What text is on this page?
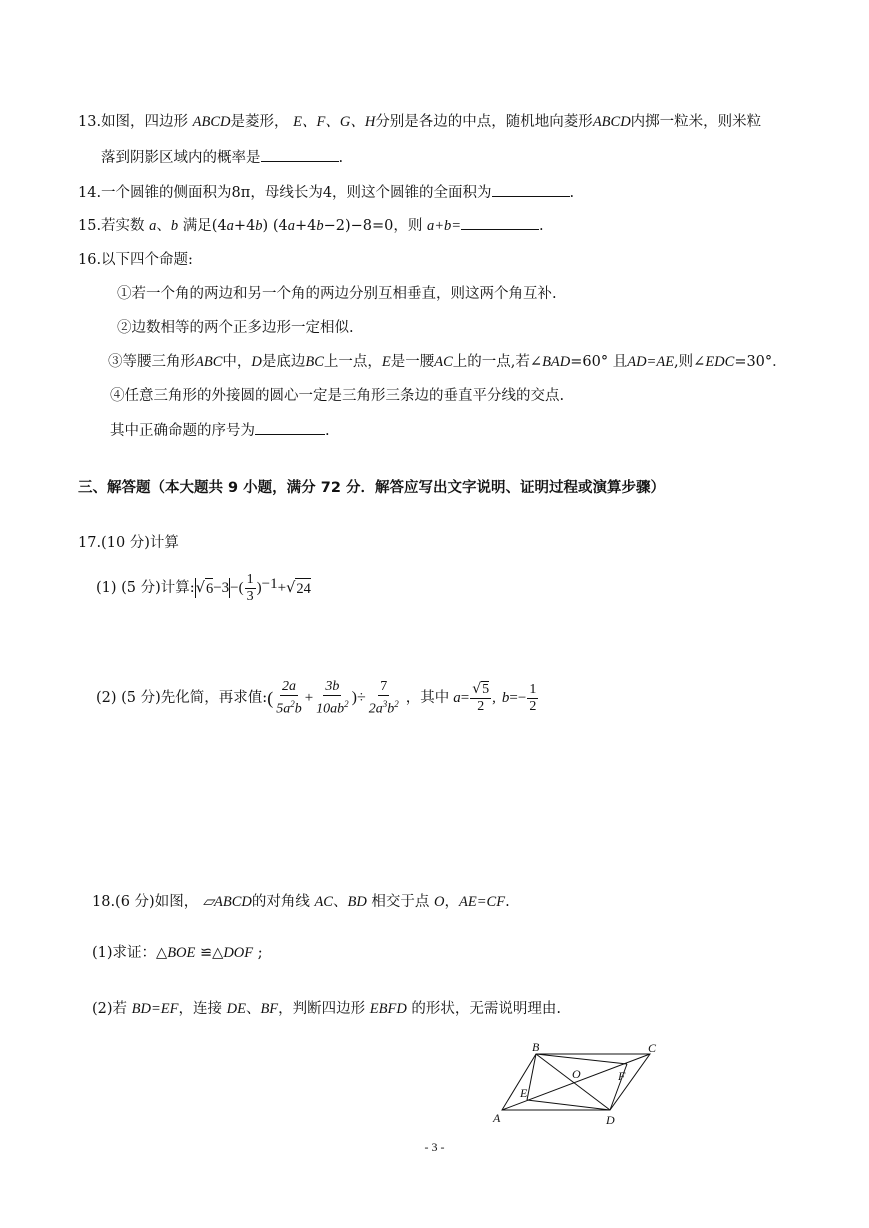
13.如图，四边形 ABCD是菱形， E、F、G、H分别是各边的中点，随机地向菱形ABCD内掷一粒米，则米粒
落到阴影区域内的概率是	.
14.一个圆锥的侧面积为8π，母线长为4，则这个圆锥的全面积为	.
15.若实数 a、b 满足(4a+4b) (4a+4b−2)−8=0，则 a+b=	.
16.以下四个命题:
①若一个角的两边和另一个角的两边分别互相垂直，则这两个角互补.
②边数相等的两个正多边形一定相似.
③等腰三角形ABC中，D是底边BC上一点，E是一腰AC上的一点,若∠BAD=60° 且AD=AE,则∠EDC=30°．
④任意三角形的外接圆的圆心一定是三角形三条边的垂直平分线的交点.
其中正确命题的序号为	.
三、解答题（本大题共 9 小题，满分 72 分．解答应写出文字说明、证明过程或演算步骤）
17.(10 分)计算
(1) (5 分)计算: √ 6 −3 −( $\frac{1}{3}$ ) −1 + √ 24
(2) (5 分)先化简，再求值: ( $\frac{2a}{5a^2b} + \frac{3b}{10ab^2}$ )÷ $\frac{7}{2a^3b^2}$ ，其中 $a = \frac{√5}{2}$ , $b =- \frac{1}{2}$
18.(6 分)如图， ▱ABCD的对角线 AC、BD 相交于点 O，AE=CF.
(1)求证：△BOE ≌△DOF ;
(2)若 BD=EF，连接 DE、BF，判断四边形 EBFD 的形状，无需说明理由.
A
B	C
D
E
F
O
- 3 -
